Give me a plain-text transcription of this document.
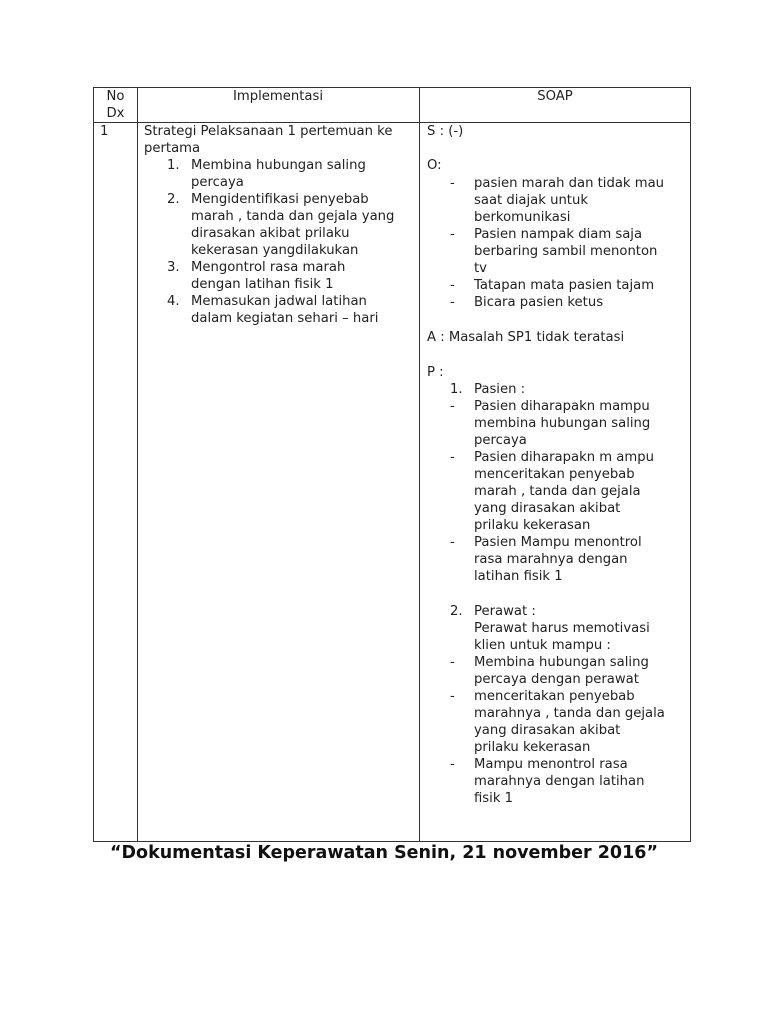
No
Dx
Implementasi	SOAP
1	Strategi Pelaksanaan 1 pertemuan ke
pertama
1. Membina hubungan saling
percaya
2. Mengidentifikasi penyebab
marah , tanda dan gejala yang
dirasakan akibat prilaku
kekerasan yangdilakukan
3. Mengontrol rasa marah
dengan latihan fisik 1
4. Memasukan jadwal latihan
dalam kegiatan sehari – hari
S : (-)
O:
- pasien marah dan tidak mau
saat diajak untuk
berkomunikasi
- Pasien nampak diam saja
berbaring sambil menonton
tv
- Tatapan mata pasien tajam
- Bicara pasien ketus
A : Masalah SP1 tidak teratasi
P :
1. Pasien :
- Pasien diharapakn mampu
membina hubungan saling
percaya
- Pasien diharapakn m ampu
menceritakan penyebab
marah , tanda dan gejala
yang dirasakan akibat
prilaku kekerasan
- Pasien Mampu menontrol
rasa marahnya dengan
latihan fisik 1
2. Perawat :
Perawat harus memotivasi
klien untuk mampu :
- Membina hubungan saling
percaya dengan perawat
- menceritakan penyebab
marahnya , tanda dan gejala
yang dirasakan akibat
prilaku kekerasan
- Mampu menontrol rasa
marahnya dengan latihan
fisik 1
“Dokumentasi Keperawatan Senin, 21 november 2016”
